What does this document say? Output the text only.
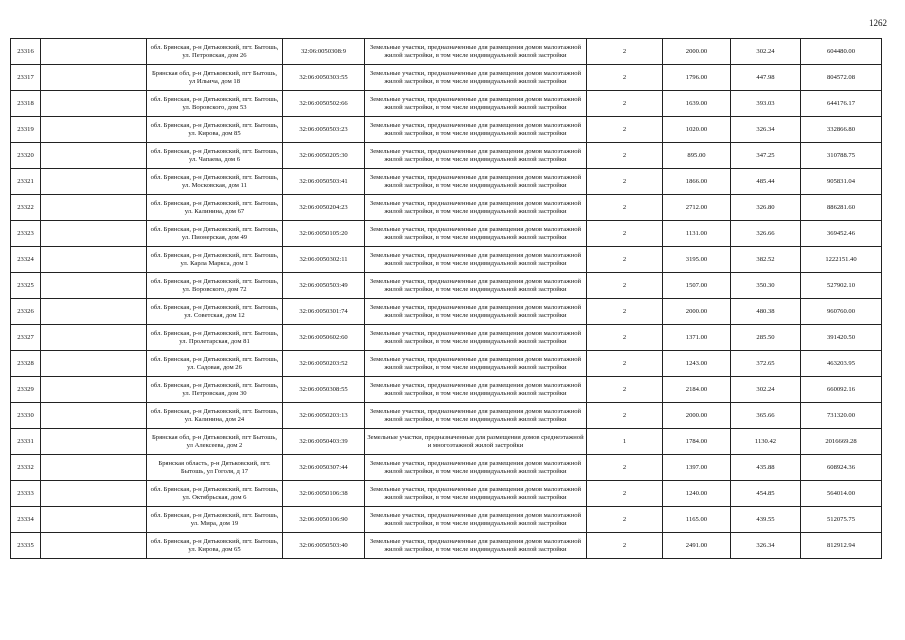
1262
23316		обл. Брянская, р-н Дятьковский, пгт. Бытошь, ул. Петровская, дом 26	32:06:0050308:9	Земельные участки, предназначенные для размещения домов малоэтажной жилой застройки, в том числе индивидуальной жилой застройки	2	2000.00	302.24	604480.00
23317		Брянская обл, р-н Дятьковский, пгт Бытошь, ул Ильича, дом 18	32:06:0050303:55	Земельные участки, предназначенные для размещения домов малоэтажной жилой застройки, в том числе индивидуальной жилой застройки	2	1796.00	447.98	804572.08
23318		обл. Брянская, р-н Дятьковский, пгт. Бытошь, ул. Воровского, дом 53	32:06:0050502:66	Земельные участки, предназначенные для размещения домов малоэтажной жилой застройки, в том числе индивидуальной жилой застройки	2	1639.00	393.03	644176.17
23319		обл. Брянская, р-н Дятьковский, пгт. Бытошь, ул. Кирова, дом 85	32:06:0050503:23	Земельные участки, предназначенные для размещения домов малоэтажной жилой застройки, в том числе индивидуальной жилой застройки	2	1020.00	326.34	332866.80
23320		обл. Брянская, р-н Дятьковский, пгт. Бытошь, ул. Чапаева, дом 6	32:06:0050205:30	Земельные участки, предназначенные для размещения домов малоэтажной жилой застройки, в том числе индивидуальной жилой застройки	2	895.00	347.25	310788.75
23321		обл. Брянская, р-н Дятьковский, пгт. Бытошь, ул. Московская, дом 11	32:06:0050503:41	Земельные участки, предназначенные для размещения домов малоэтажной жилой застройки, в том числе индивидуальной жилой застройки	2	1866.00	485.44	905831.04
23322		обл. Брянская, р-н Дятьковский, пгт. Бытошь, ул. Калинина, дом 67	32:06:0050204:23	Земельные участки, предназначенные для размещения домов малоэтажной жилой застройки, в том числе индивидуальной жилой застройки	2	2712.00	326.80	886281.60
23323		обл. Брянская, р-н Дятьковский, пгт. Бытошь, ул. Пионерская, дом 49	32:06:0050105:20	Земельные участки, предназначенные для размещения домов малоэтажной жилой застройки, в том числе индивидуальной жилой застройки	2	1131.00	326.66	369452.46
23324		обл. Брянская, р-н Дятьковский, пгт. Бытошь, ул. Карла Маркса, дом 1	32:06:0050302:11	Земельные участки, предназначенные для размещения домов малоэтажной жилой застройки, в том числе индивидуальной жилой застройки	2	3195.00	382.52	1222151.40
23325		обл. Брянская, р-н Дятьковский, пгт. Бытошь, ул. Воровского, дом 72	32:06:0050503:49	Земельные участки, предназначенные для размещения домов малоэтажной жилой застройки, в том числе индивидуальной жилой застройки	2	1507.00	350.30	527902.10
23326		обл. Брянская, р-н Дятьковский, пгт. Бытошь, ул. Советская, дом 12	32:06:0050301:74	Земельные участки, предназначенные для размещения домов малоэтажной жилой застройки, в том числе индивидуальной жилой застройки	2	2000.00	480.38	960760.00
23327		обл. Брянская, р-н Дятьковский, пгт. Бытошь, ул. Пролетарская, дом 81	32:06:0050602:60	Земельные участки, предназначенные для размещения домов малоэтажной жилой застройки, в том числе индивидуальной жилой застройки	2	1371.00	285.50	391420.50
23328		обл. Брянская, р-н Дятьковский, пгт. Бытошь, ул. Садовая, дом 26	32:06:0050203:52	Земельные участки, предназначенные для размещения домов малоэтажной жилой застройки, в том числе индивидуальной жилой застройки	2	1243.00	372.65	463203.95
23329		обл. Брянская, р-н Дятьковский, пгт. Бытошь, ул. Петровская, дом 30	32:06:0050308:55	Земельные участки, предназначенные для размещения домов малоэтажной жилой застройки, в том числе индивидуальной жилой застройки	2	2184.00	302.24	660092.16
23330		обл. Брянская, р-н Дятьковский, пгт. Бытошь, ул. Калинина, дом 24	32:06:0050203:13	Земельные участки, предназначенные для размещения домов малоэтажной жилой застройки, в том числе индивидуальной жилой застройки	2	2000.00	365.66	731320.00
23331		Брянская обл, р-н Дятьковский, пгт Бытошь, ул Алексеева, дом 2	32:06:0050403:39	Земельные участки, предназначенные для размещения домов среднеэтажной и многоэтажной жилой застройки	1	1784.00	1130.42	2016669.28
23332		Брянская область, р-н Дятьковский, пгт. Бытошь, ул Гоголя, д 17	32:06:0050307:44	Земельные участки, предназначенные для размещения домов малоэтажной жилой застройки, в том числе индивидуальной жилой застройки	2	1397.00	435.88	608924.36
23333		обл. Брянская, р-н Дятьковский, пгт. Бытошь, ул. Октябрьская, дом 6	32:06:0050106:38	Земельные участки, предназначенные для размещения домов малоэтажной жилой застройки, в том числе индивидуальной жилой застройки	2	1240.00	454.85	564014.00
23334		обл. Брянская, р-н Дятьковский, пгт. Бытошь, ул. Мира, дом 19	32:06:0050106:90	Земельные участки, предназначенные для размещения домов малоэтажной жилой застройки, в том числе индивидуальной жилой застройки	2	1165.00	439.55	512075.75
23335		обл. Брянская, р-н Дятьковский, пгт. Бытошь, ул. Кирова, дом 65	32:06:0050503:40	Земельные участки, предназначенные для размещения домов малоэтажной жилой застройки, в том числе индивидуальной жилой застройки	2	2491.00	326.34	812912.94
